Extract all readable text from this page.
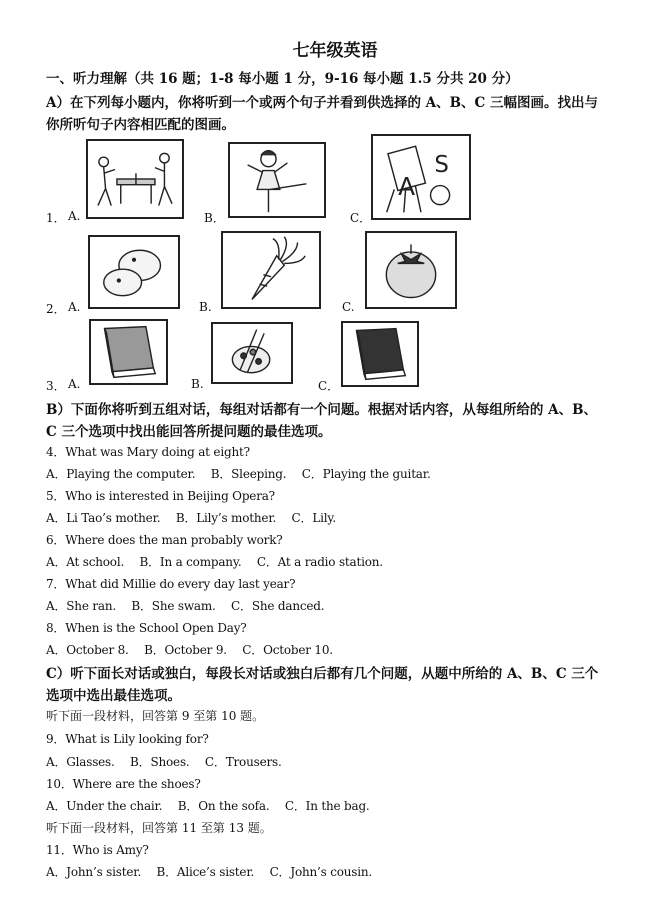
七年级英语
一、听力理解（共 16 题；1-8 每小题 1 分，9-16 每小题 1.5 分共 20 分）
A）在下列每小题内，你将听到一个或两个句子并看到供选择的 A、B、C 三幅图画。找出与
你所听句子内容相匹配的图画。
1． A.	B．	C．
A
S
2． A.	B.	C.
3． A.	B.	C．
B）下面你将听到五组对话，每组对话都有一个问题。根据对话内容，从每组所给的 A、B、
C 三个选项中找出能回答所提问题的最佳选项。
4．What was Mary doing at eight?
A．Playing the computer.　 B．Sleeping.　 C．Playing the guitar.
5．Who is interested in Beijing Opera?
A．Li Tao’s mother.　 B．Lily’s mother.　 C．Lily.
6．Where does the man probably work?
A．At school.　 B．In a company.　 C．At a radio station.
7．What did Millie do every day last year?
A．She ran.　 B．She swam.　 C．She danced.
8．When is the School Open Day?
A．October 8.　 B．October 9.　 C．October 10.
C）听下面长对话或独白，每段长对话或独白后都有几个问题，从题中所给的 A、B、C 三个
选项中选出最佳选项。
听下面一段材料，回答第 9 至第 10 题。
9．What is Lily looking for?
A．Glasses.　 B．Shoes.　 C．Trousers.
10．Where are the shoes?
A．Under the chair.　 B．On the sofa.　 C．In the bag.
听下面一段材料，回答第 11 至第 13 题。
11．Who is Amy?
A．John’s sister.　 B．Alice’s sister.　 C．John’s cousin.
